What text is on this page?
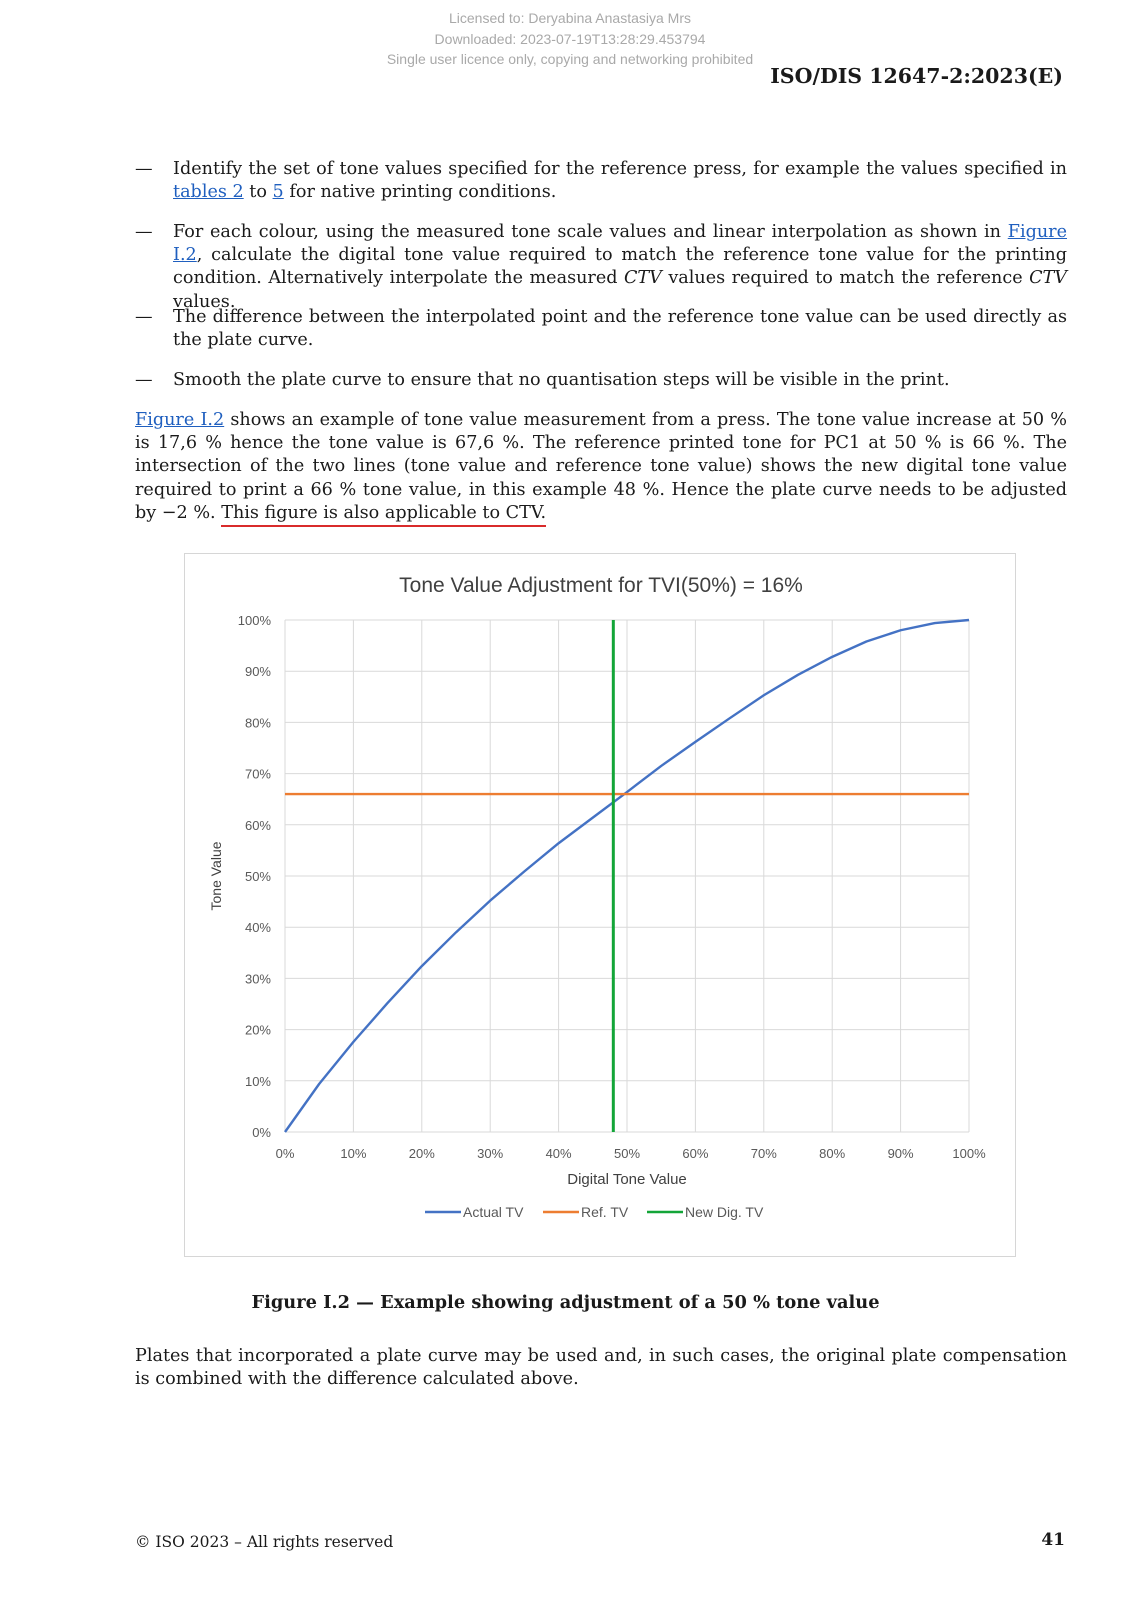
Licensed to: Deryabina Anastasiya Mrs
Downloaded: 2023-07-19T13:28:29.453794
Single user licence only, copying and networking prohibited
ISO/DIS 12647-2:2023(E)
— Identify the set of tone values specified for the reference press, for example the values specified in tables 2 to 5 for native printing conditions.
— For each colour, using the measured tone scale values and linear interpolation as shown in Figure I.2, calculate the digital tone value required to match the reference tone value for the printing condition. Alternatively interpolate the measured CTV values required to match the reference CTV values.
— The difference between the interpolated point and the reference tone value can be used directly as the plate curve.
— Smooth the plate curve to ensure that no quantisation steps will be visible in the print.
Figure I.2 shows an example of tone value measurement from a press. The tone value increase at 50 % is 17,6 % hence the tone value is 67,6 %. The reference printed tone for PC1 at 50 % is 66 %. The intersection of the two lines (tone value and reference tone value) shows the new digital tone value required to print a 66 % tone value, in this example 48 %. Hence the plate curve needs to be adjusted by −2 %. This figure is also applicable to CTV.
Tone Value Adjustment for TVI(50%) = 16%
Tone Value
Digital Tone Value
0%	10%	20%	30%	40%	50%	60%	70%	80%	90%	100%
0%
10%
20%
30%
40%
50%
60%
70%
80%
90%
100%
Actual TV	Ref. TV	New Dig. TV
Figure I.2 — Example showing adjustment of a 50 % tone value
Plates that incorporated a plate curve may be used and, in such cases, the original plate compensation is combined with the difference calculated above.
© ISO 2023 – All rights reserved	41
